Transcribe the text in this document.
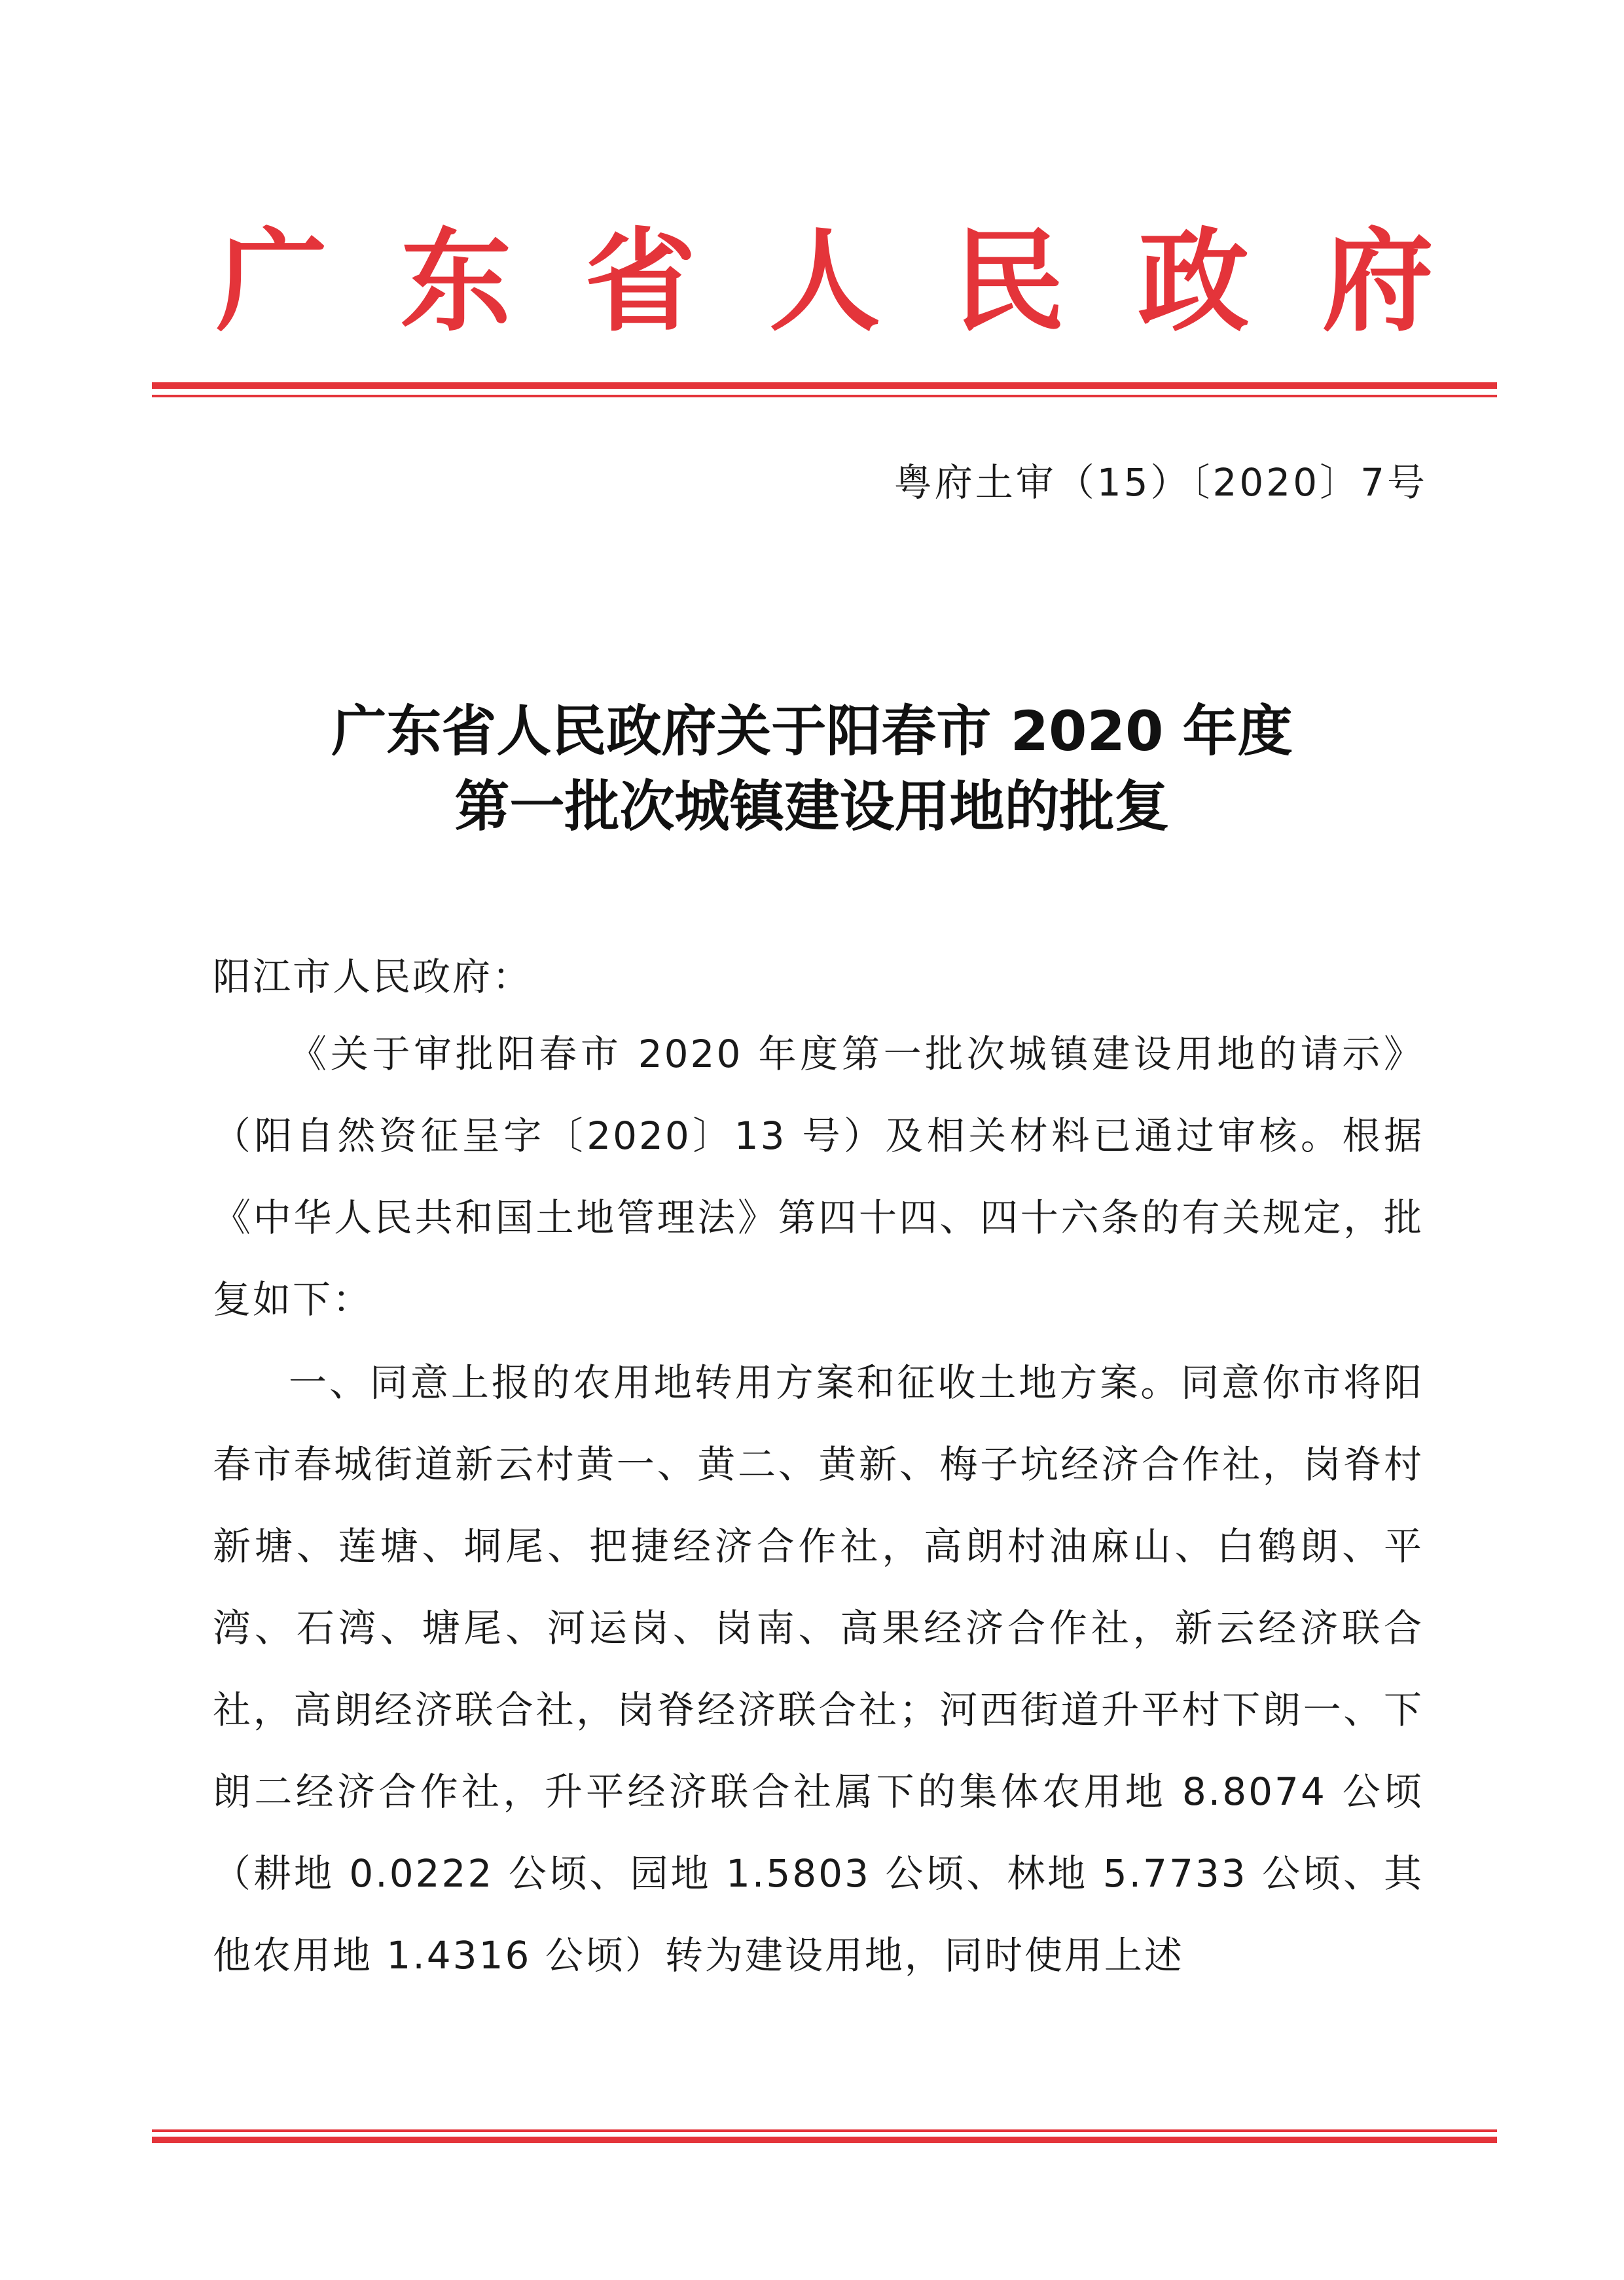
广 东 省 人 民 政 府
粤府土审（15）〔2020〕7号
广东省人民政府关于阳春市 2020 年度
第一批次城镇建设用地的批复
阳江市人民政府：

《关于审批阳春市 2020 年度第一批次城镇建设用地的请示》（阳自然资征呈字〔2020〕13 号）及相关材料已通过审核。根据《中华人民共和国土地管理法》第四十四、四十六条的有关规定，批复如下：

一、同意上报的农用地转用方案和征收土地方案。同意你市将阳春市春城街道新云村黄一、黄二、黄新、梅子坑经济合作社，岗脊村新塘、莲塘、垌尾、把捷经济合作社，高朗村油麻山、白鹤朗、平湾、石湾、塘尾、河运岗、岗南、高果经济合作社，新云经济联合社，高朗经济联合社，岗脊经济联合社；河西街道升平村下朗一、下朗二经济合作社，升平经济联合社属下的集体农用地 8.8074 公顷（耕地 0.0222 公顷、园地 1.5803 公顷、林地 5.7733 公顷、其他农用地 1.4316 公顷）转为建设用地，同时使用上述
